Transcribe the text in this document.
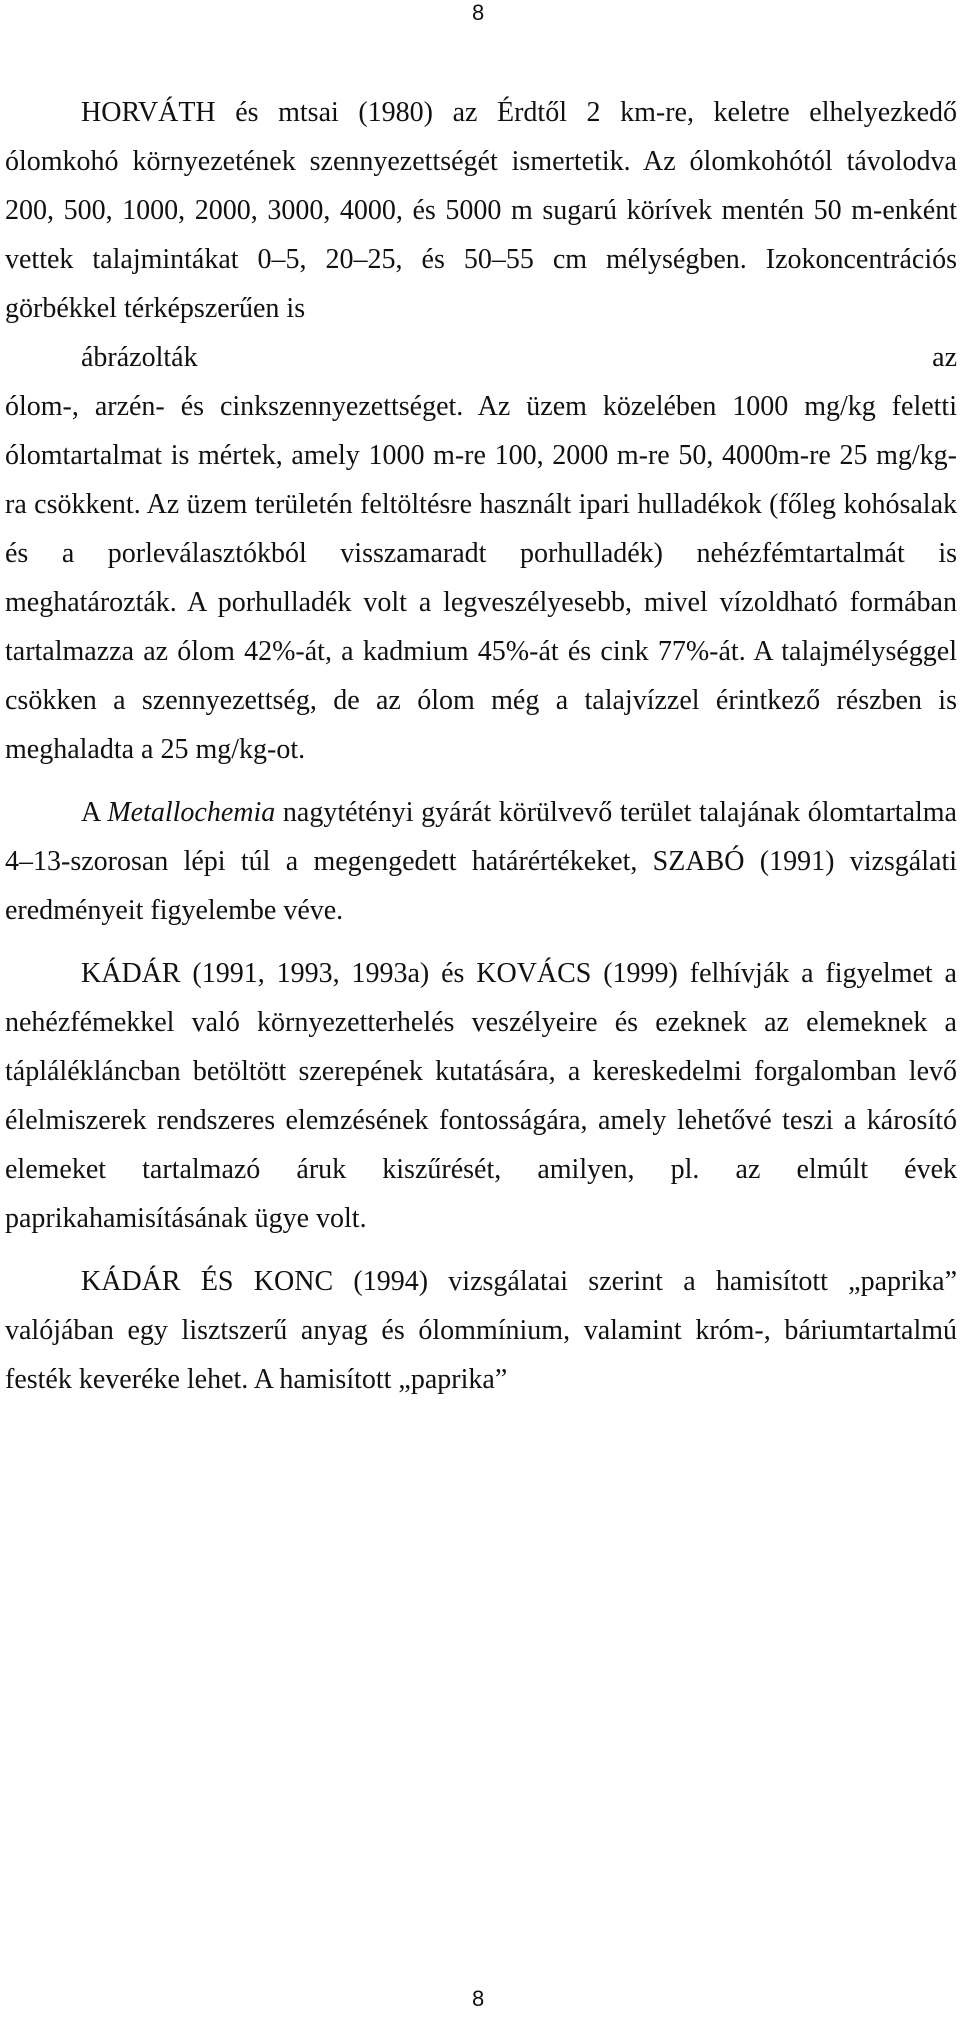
8

HORVÁTH és mtsai (1980) az Érdtől 2 km-re, keletre elhelyezkedő ólomkohó környezetének szennyezettségét ismertetik. Az ólomkohótól távolodva 200, 500, 1000, 2000, 3000, 4000, és 5000 m sugarú körívek mentén 50 m-enként vettek talajmintákat 0–5, 20–25, és 50–55 cm mélységben. Izokoncentrációs görbékkel térképszerűen is
ábrázolták	az
ólom-, arzén- és cinkszennyezettséget. Az üzem közelében 1000 mg/kg feletti ólomtartalmat is mértek, amely 1000 m-re 100, 2000 m-re 50, 4000m-re 25 mg/kg-ra csökkent. Az üzem területén feltöltésre használt ipari hulladékok (főleg kohósalak és a porleválasztókból visszamaradt porhulladék) nehézfémtartalmát is meghatározták. A porhulladék volt a legveszélyesebb, mivel vízoldható formában tartalmazza az ólom 42%-át, a kadmium 45%-át és cink 77%-át. A talajmélységgel csökken a szennyezettség, de az ólom még a talajvízzel érintkező részben is meghaladta a 25 mg/kg-ot.

A Metallochemia nagytétényi gyárát körülvevő terület talajának ólomtartalma 4–13-szorosan lépi túl a megengedett határértékeket, SZABÓ (1991) vizsgálati eredményeit figyelembe véve.

KÁDÁR (1991, 1993, 1993a) és KOVÁCS (1999) felhívják a figyelmet a nehézfémekkel való környezetterhelés veszélyeire és ezeknek az elemeknek a táplálékláncban betöltött szerepének kutatására, a kereskedelmi forgalomban levő élelmiszerek rendszeres elemzésének fontosságára, amely lehetővé teszi a károsító elemeket tartalmazó áruk kiszűrését, amilyen, pl. az elmúlt évek paprikahamisításának ügye volt.

KÁDÁR ÉS KONC (1994) vizsgálatai szerint a hamisított „paprika” valójában egy lisztszerű anyag és ólommínium, valamint króm-, báriumtartalmú festék keveréke lehet. A hamisított „paprika”

8
